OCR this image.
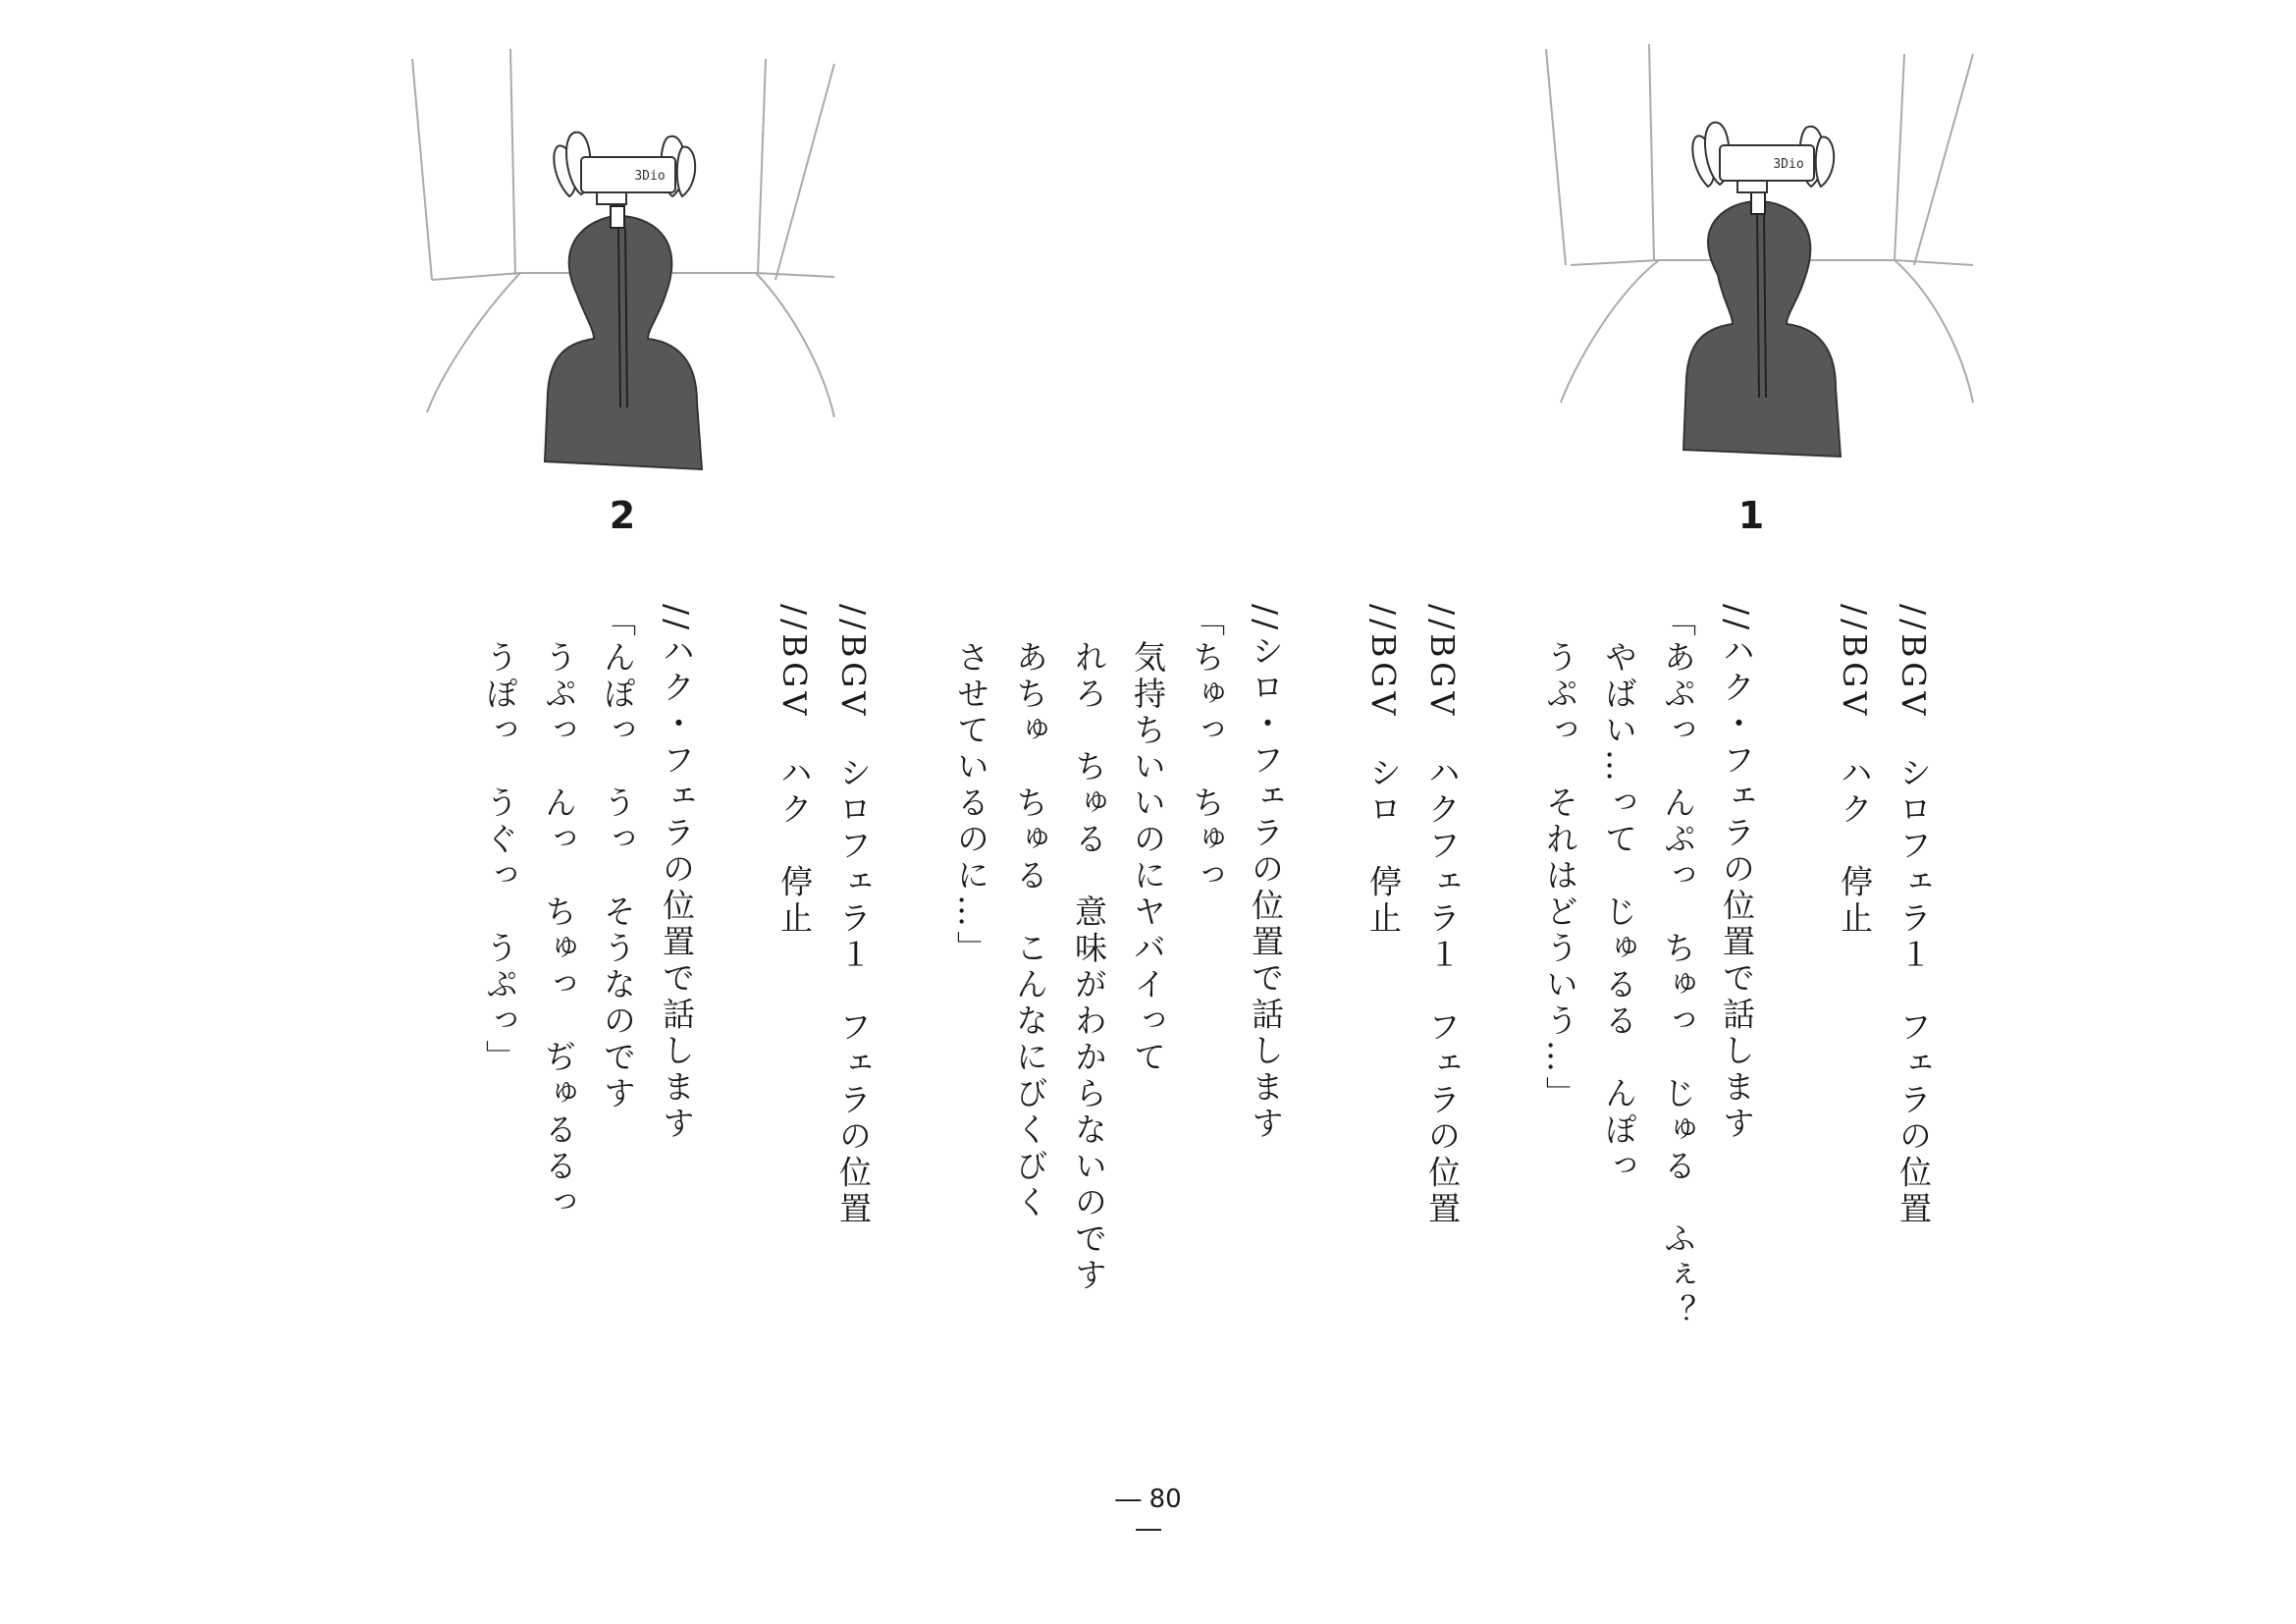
3Dio
2
3Dio
1
//BGV　シロフェラ１　フェラの位置
//BGV　ハク　停止
//ハク・フェラの位置で話します
「あぷっ　んぷっ　ちゅっ　じゅる　ふぇ？
　やばい…って　じゅるる　んぽっ
　うぷっ　それはどういう…」
//BGV　ハクフェラ１　フェラの位置
//BGV　シロ　停止
//シロ・フェラの位置で話します
「ちゅっ　ちゅっ
　気持ちいいのにヤバイって
　れろ　ちゅる　意味がわからないのです
　あちゅ　ちゅる　こんなにびくびく
　させているのに…」
//BGV　シロフェラ１　フェラの位置
//BGV　ハク　停止
//ハク・フェラの位置で話します
「んぽっ　うっ　そうなのです
　うぷっ　んっ　ちゅっ　ぢゅるるっ
　うぽっ　うぐっ　うぷっ」
― 80 ―
